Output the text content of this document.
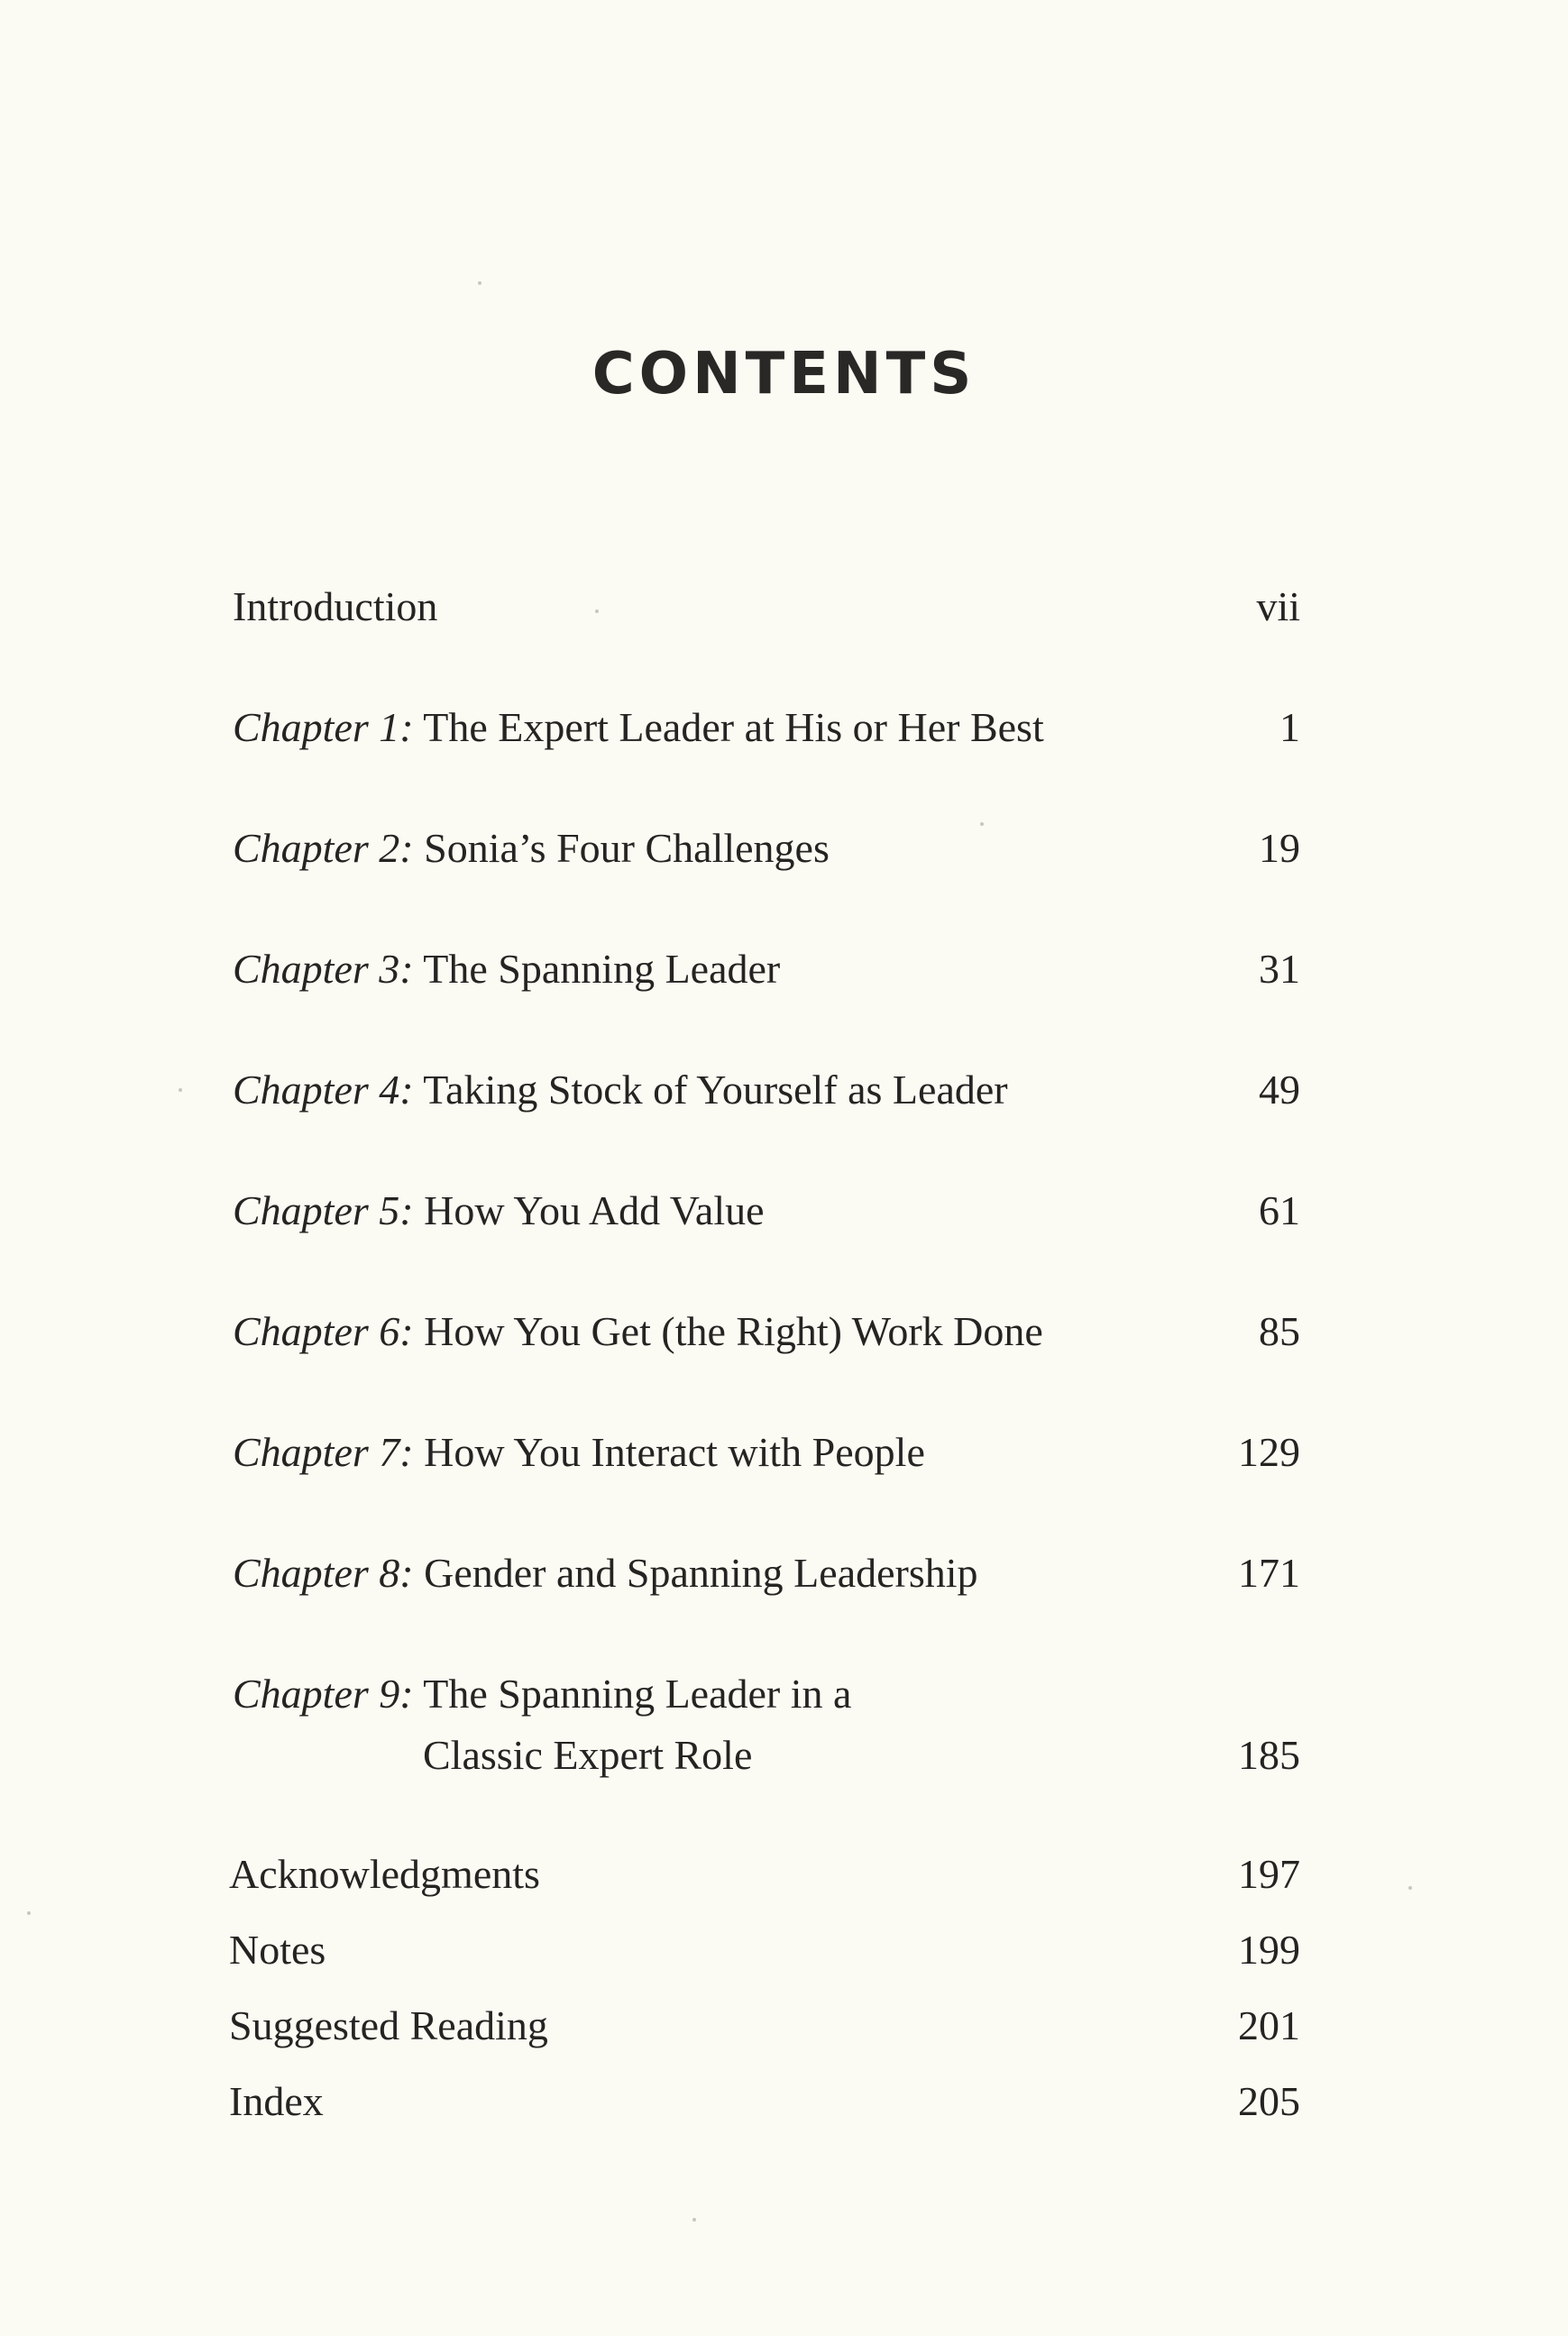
CONTENTS
Introduction	vii
Chapter 1: The Expert Leader at His or Her Best	1
Chapter 2: Sonia’s Four Challenges	19
Chapter 3: The Spanning Leader	31
Chapter 4: Taking Stock of Yourself as Leader	49
Chapter 5: How You Add Value	61
Chapter 6: How You Get (the Right) Work Done	85
Chapter 7: How You Interact with People	129
Chapter 8: Gender and Spanning Leadership	171
Chapter 9: The Spanning Leader in a
Classic Expert Role	185
Acknowledgments	197
Notes	199
Suggested Reading	201
Index	205
